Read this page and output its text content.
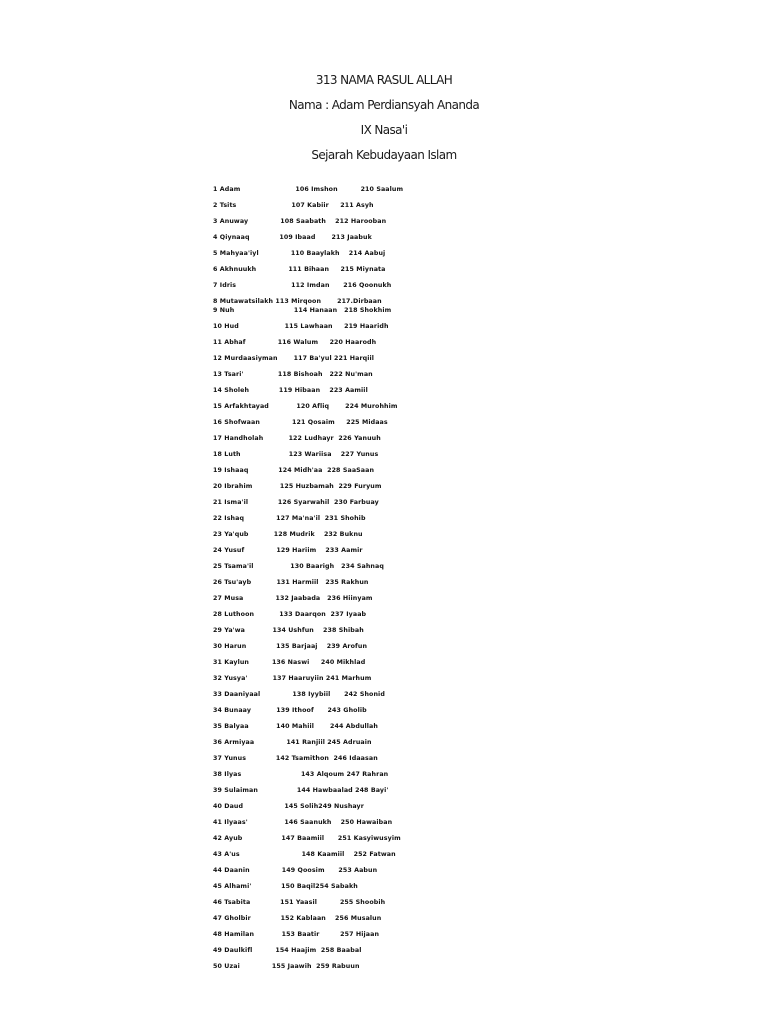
313 NAMA RASUL ALLAH
Nama : Adam Perdiansyah Ananda
IX Nasa'i
Sejarah Kebudayaan Islam
1 Adam                        106 Imshon          210 Saalum
2 Tsits                        107 Kabiir     211 Asyh
3 Anuway              108 Saabath    212 Harooban
4 Qiynaaq             109 Ibaad       213 Jaabuk
5 Mahyaa'iyl              110 Baaylakh    214 Aabuj
6 Akhnuukh              111 Bihaan     215 Miynata
7 Idris                        112 Imdan      216 Qoonukh
8 Mutawatsilakh 113 Mirqoon       217.Dirbaan
9 Nuh                          114 Hanaan   218 Shokhim
10 Hud                    115 Lawhaan     219 Haaridh
11 Abhaf              116 Walum     220 Haarodh
12 Murdaasiyman       117 Ba'yul 221 Harqiil
13 Tsari'               118 Bishoah   222 Nu'man
14 Sholeh             119 Hibaan    223 Aamiil
15 Arfakhtayad            120 Afliq       224 Murohhim
16 Shofwaan              121 Qosaim     225 Midaas
17 Handholah           122 Ludhayr  226 Yanuuh
18 Luth                     123 Wariisa    227 Yunus
19 Ishaaq             124 Midh'aa  228 SaaSaan
20 Ibrahim            125 Huzbamah  229 Furyum
21 Isma'il             126 Syarwahil  230 Farbuay
22 Ishaq              127 Ma'na'il  231 Shohib
23 Ya'qub           128 Mudrik    232 Buknu
24 Yusuf              129 Hariim    233 Aamir
25 Tsama'il                130 Baarigh   234 Sahnaq
26 Tsu'ayb           131 Harmiil   235 Rakhun
27 Musa              132 Jaabada   236 Hiinyam
28 Luthoon           133 Daarqon  237 Iyaab
29 Ya'wa            134 Ushfun    238 Shibah
30 Harun             135 Barjaaj    239 Arofun
31 Kaylun          136 Naswi     240 Mikhlad
32 Yusya'           137 Haaruyiin 241 Marhum
33 Daaniyaal              138 Iyybiil      242 Shonid
34 Bunaay           139 Ithoof      243 Gholib
35 Balyaa            140 Mahiil       244 Abdullah
36 Armiyaa              141 Ranjiil 245 Adruain
37 Yunus             142 Tsamithon  246 Idaasan
38 Ilyas                          143 Alqoum 247 Rahran
39 Sulaiman                 144 Hawbaalad 248 Bayi'
40 Daud                  145 Solih249 Nushayr
41 Ilyaas'                146 Saanukh    250 Hawaiban
42 Ayub                 147 Baamiil      251 Kasyiwusyim
43 A'us                           148 Kaamiil    252 Fatwan
44 Daanin              149 Qoosim      253 Aabun
45 Alhami'             150 Baqil254 Sabakh
46 Tsabita             151 Yaasil          255 Shoobih
47 Gholbir             152 Kablaan    256 Musalun
48 Hamilan            153 Baatir         257 Hijaan
49 Daulkifl          154 Haajim  258 Baabal
50 Uzai              155 Jaawih  259 Rabuun
